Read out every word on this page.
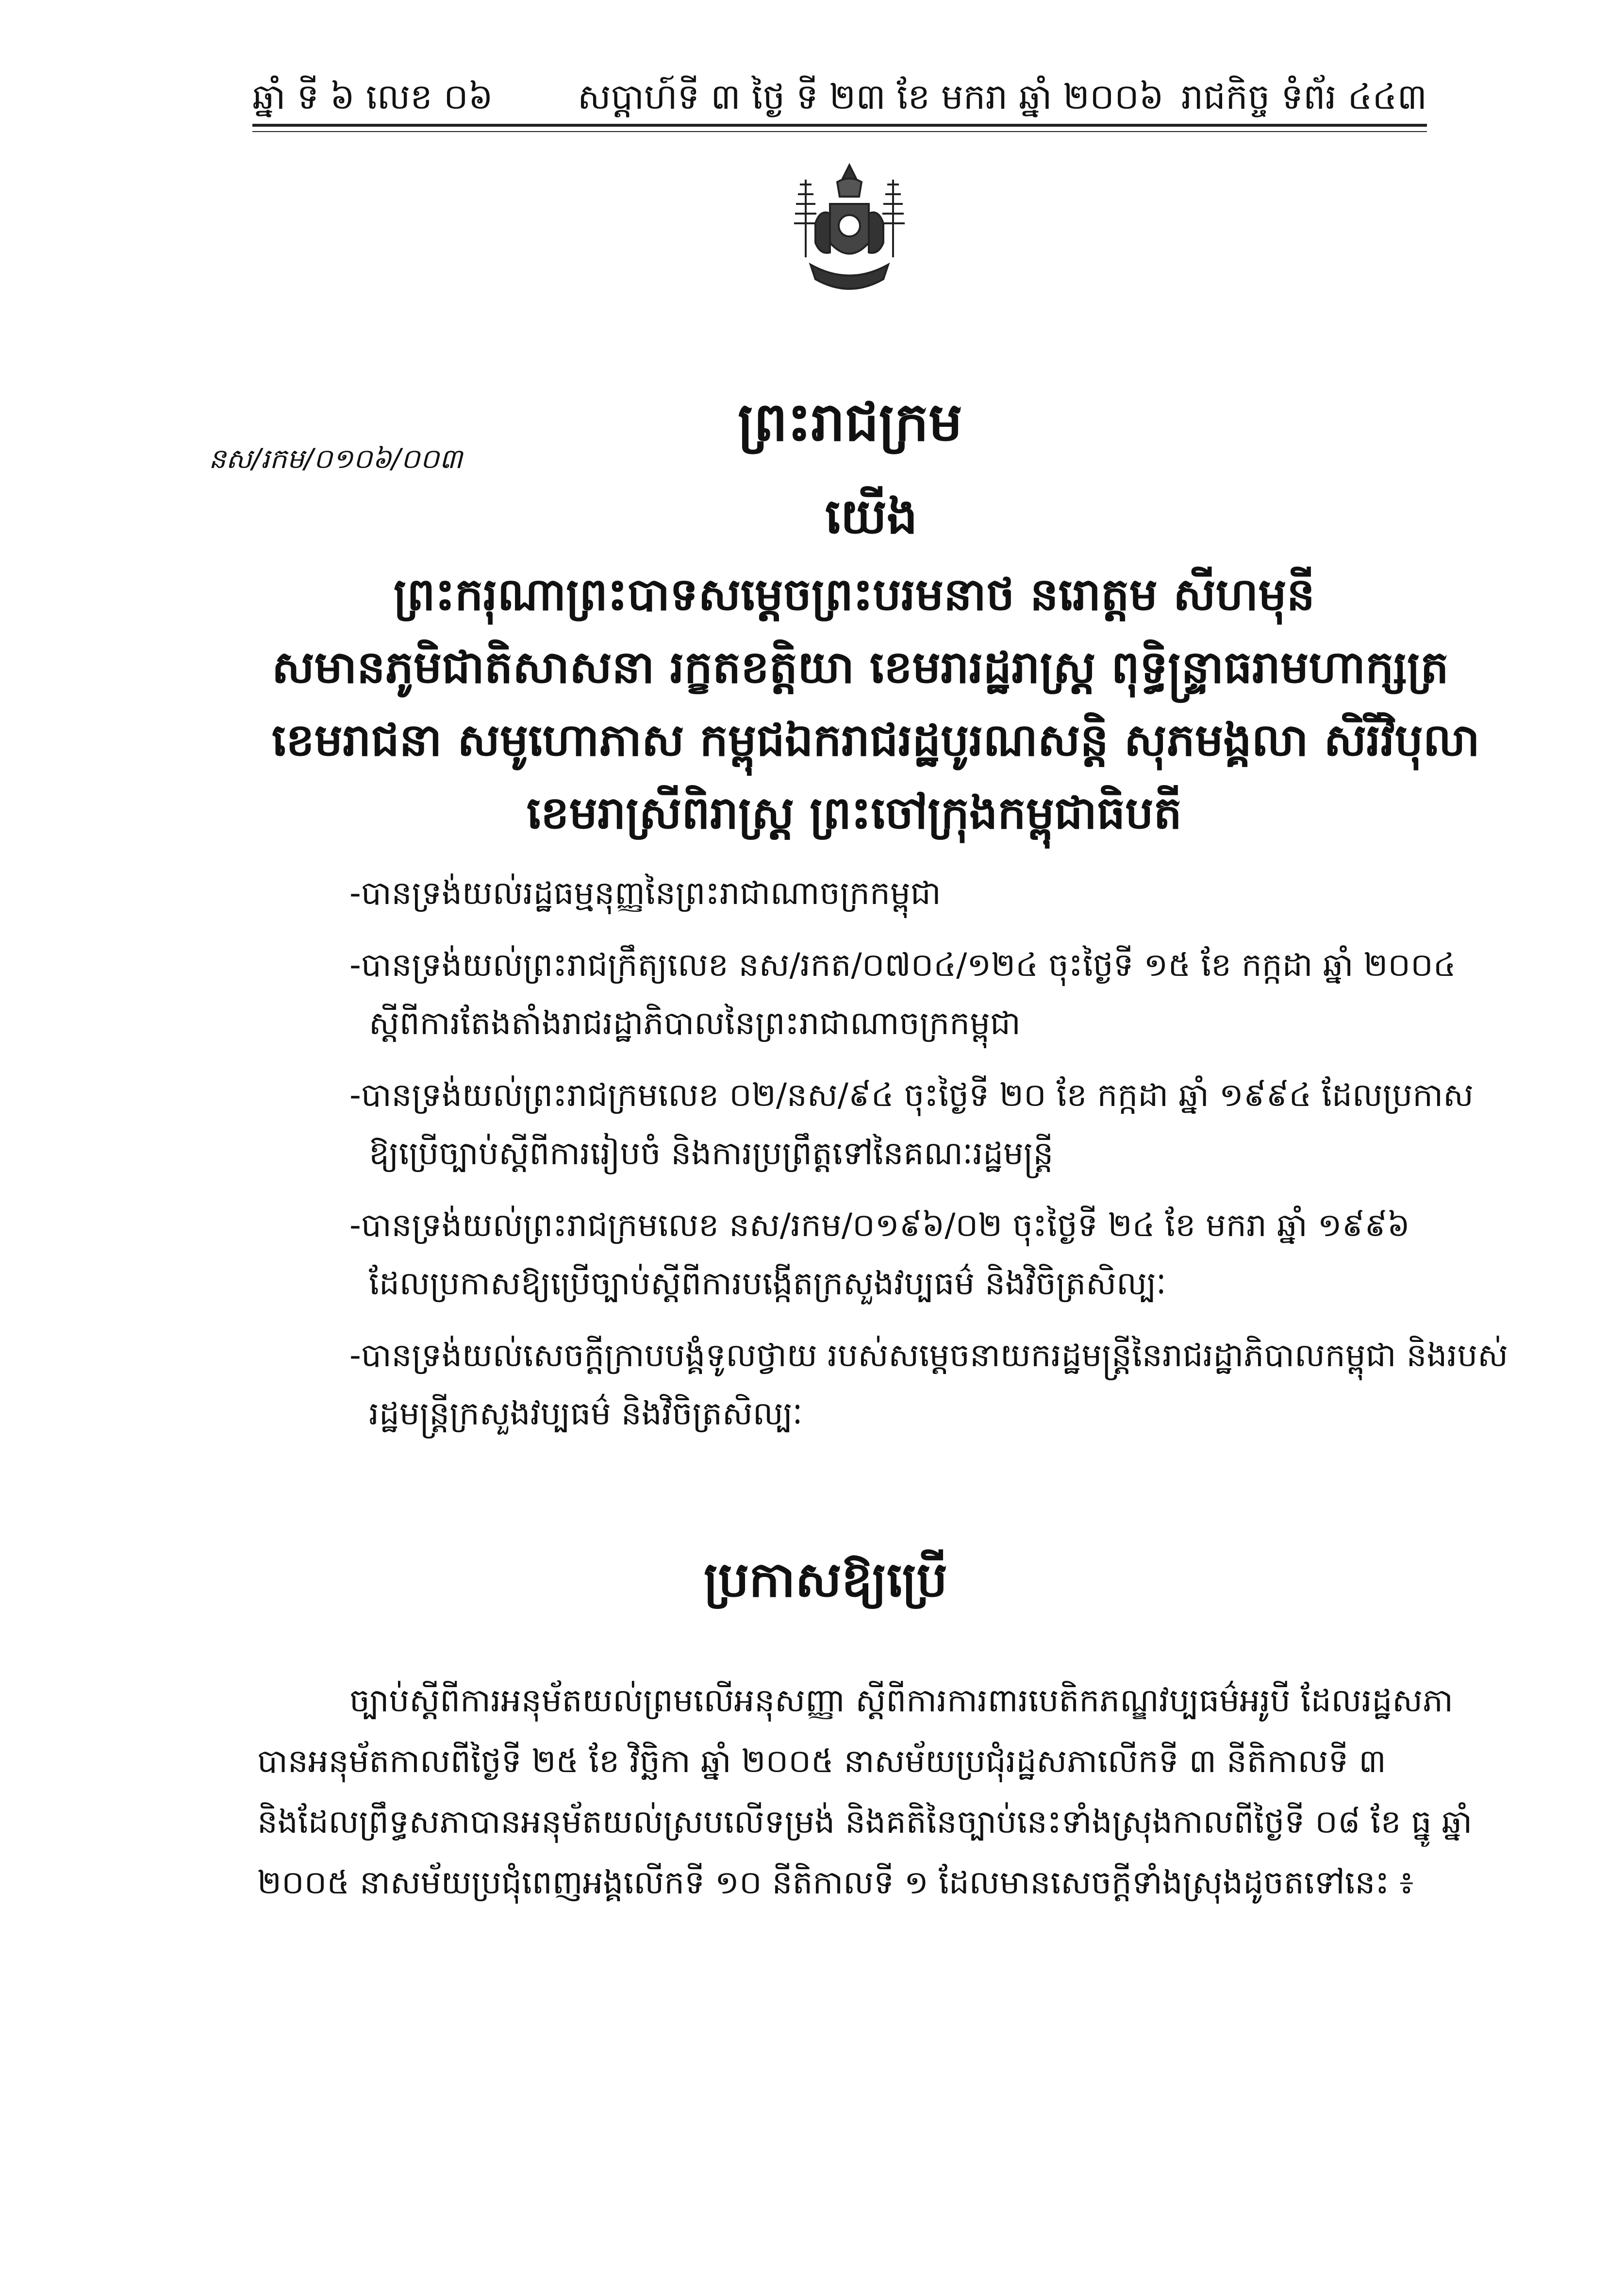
ឆ្នាំ ទី ៦ លេខ ០៦ សប្តាហ៍ទី ៣ ថ្ងៃ ទី ២៣ ខែ មករា ឆ្នាំ ២០០៦ រាជកិច្ច ទំព័រ ៤៤៣
នស/រកម/០១០៦/០០៣
ព្រះរាជក្រម
យើង
ព្រះករុណាព្រះបាទសម្តេចព្រះបរមនាថ នរោត្តម សីហមុនី
សមានភូមិជាតិសាសនា រក្ខតខត្តិយា ខេមរារដ្ឋរាស្ត្រ ពុទ្ធិន្ទ្រាធរាមហាក្សត្រ
ខេមរាជនា សមូហោភាស កម្ពុជឯករាជរដ្ឋបូរណសន្តិ សុភមង្គលា សិរីវិបុលា
ខេមរាស្រីពិរាស្ត្រ ព្រះចៅក្រុងកម្ពុជាធិបតី
-បានទ្រង់យល់រដ្ឋធម្មនុញ្ញនៃព្រះរាជាណាចក្រកម្ពុជា
-បានទ្រង់យល់ព្រះរាជក្រឹត្យលេខ នស/រកត/០៧០៤/១២៤ ចុះថ្ងៃទី ១៥ ខែ កក្កដា ឆ្នាំ ២០០៤
ស្តីពីការតែងតាំងរាជរដ្ឋាភិបាលនៃព្រះរាជាណាចក្រកម្ពុជា
-បានទ្រង់យល់ព្រះរាជក្រមលេខ ០២/នស/៩៤ ចុះថ្ងៃទី ២០ ខែ កក្កដា ឆ្នាំ ១៩៩៤ ដែលប្រកាស
ឱ្យប្រើច្បាប់ស្តីពីការរៀបចំ និងការប្រព្រឹត្តទៅនៃគណៈរដ្ឋមន្ត្រី
-បានទ្រង់យល់ព្រះរាជក្រមលេខ នស/រកម/០១៩៦/០២ ចុះថ្ងៃទី ២៤ ខែ មករា ឆ្នាំ ១៩៩៦
ដែលប្រកាសឱ្យប្រើច្បាប់ស្តីពីការបង្កើតក្រសួងវប្បធម៌ និងវិចិត្រសិល្បៈ
-បានទ្រង់យល់សេចក្តីក្រាបបង្គំទូលថ្វាយ របស់សម្តេចនាយករដ្ឋមន្ត្រីនៃរាជរដ្ឋាភិបាលកម្ពុជា និងរបស់
រដ្ឋមន្ត្រីក្រសួងវប្បធម៌ និងវិចិត្រសិល្បៈ
ប្រកាសឱ្យប្រើ
ច្បាប់ស្តីពីការអនុម័តយល់ព្រមលើអនុសញ្ញា ស្តីពីការការពារបេតិកភណ្ឌវប្បធម៌អរូបី ដែលរដ្ឋសភា
បានអនុម័តកាលពីថ្ងៃទី ២៥ ខែ វិច្ឆិកា ឆ្នាំ ២០០៥ នាសម័យប្រជុំរដ្ឋសភាលើកទី ៣ នីតិកាលទី ៣
និងដែលព្រឹទ្ធសភាបានអនុម័តយល់ស្របលើទម្រង់ និងគតិនៃច្បាប់នេះទាំងស្រុងកាលពីថ្ងៃទី ០៨ ខែ ធ្នូ ឆ្នាំ
២០០៥ នាសម័យប្រជុំពេញអង្គលើកទី ១០ នីតិកាលទី ១ ដែលមានសេចក្តីទាំងស្រុងដូចតទៅនេះ ៖
